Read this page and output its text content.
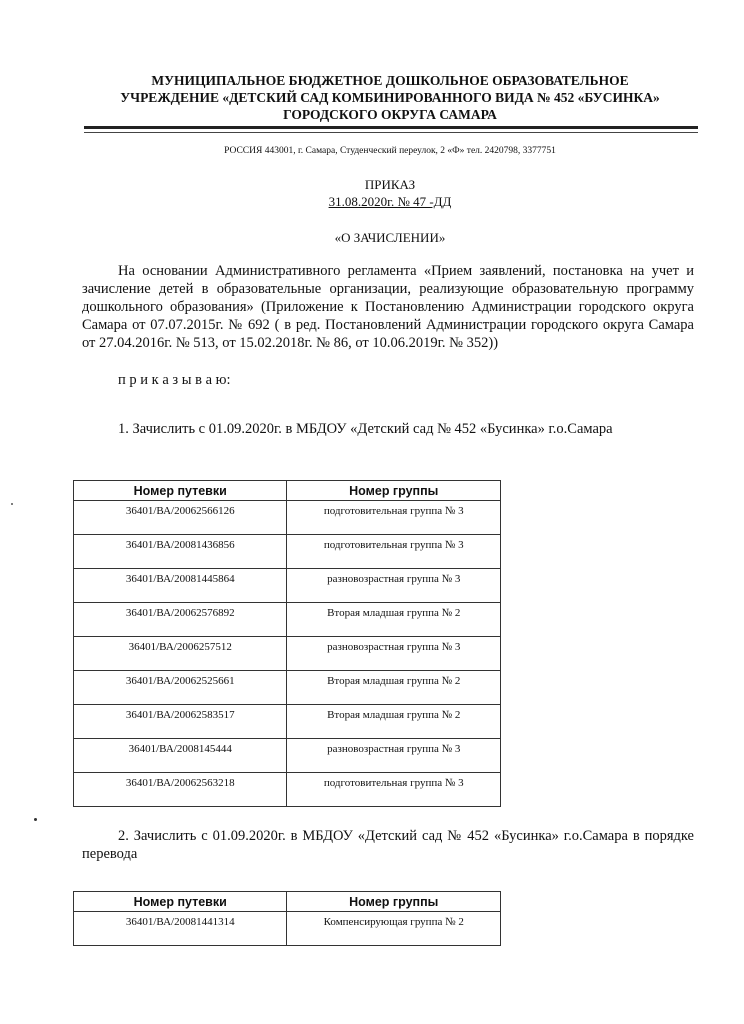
МУНИЦИПАЛЬНОЕ БЮДЖЕТНОЕ ДОШКОЛЬНОЕ ОБРАЗОВАТЕЛЬНОЕ
УЧРЕЖДЕНИЕ «ДЕТСКИЙ САД КОМБИНИРОВАННОГО ВИДА № 452 «БУСИНКА»
ГОРОДСКОГО ОКРУГА САМАРА
РОССИЯ 443001, г. Самара, Студенческий переулок, 2 «Ф» тел. 2420798, 3377751
ПРИКАЗ
31.08.2020г. № 47 -ДД
«О ЗАЧИСЛЕНИИ»
На основании Административного регламента «Прием заявлений, постановка на учет и зачисление детей в образовательные организации, реализующие образовательную программу дошкольного образования» (Приложение к Постановлению Администрации городского округа Самара от 07.07.2015г. № 692 ( в ред. Постановлений Администрации городского округа Самара от 27.04.2016г. № 513, от 15.02.2018г. № 86, от 10.06.2019г. № 352))
п р и к а з ы в а ю:
1. Зачислить с 01.09.2020г. в МБДОУ «Детский сад № 452 «Бусинка» г.о.Самара
Номер путевки	Номер группы

36401/ВА/20062566126	подготовительная группа № 3

36401/ВА/20081436856	подготовительная группа № 3

36401/ВА/20081445864	разновозрастная группа № 3

36401/ВА/20062576892	Вторая младшая группа № 2

36401/ВА/2006257512	разновозрастная группа № 3

36401/ВА/20062525661	Вторая младшая группа № 2

36401/ВА/20062583517	Вторая младшая группа № 2

36401/ВА/2008145444	разновозрастная группа № 3

36401/ВА/20062563218	подготовительная группа № 3
2. Зачислить с 01.09.2020г. в МБДОУ «Детский сад № 452 «Бусинка» г.о.Самара в порядке перевода
Номер путевки	Номер группы

36401/ВА/20081441314	Компенсирующая группа № 2
